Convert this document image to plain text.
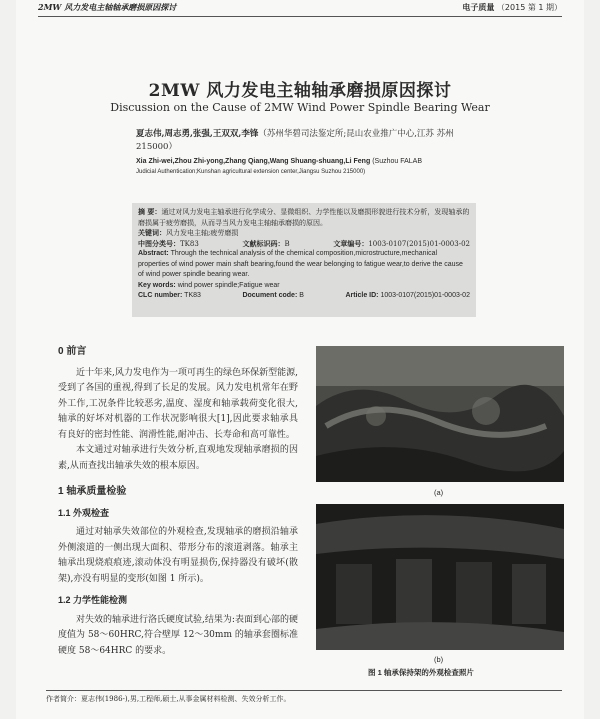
2MW 风力发电主轴轴承磨损原因探讨	电子质量 （2015 第 1 期）
2MW 风力发电主轴轴承磨损原因探讨
Discussion on the Cause of 2MW Wind Power Spindle Bearing Wear
夏志伟,周志勇,张强,王双双,李锋（苏州华碧司法鉴定所;昆山农业推广中心,江苏 苏州 215000）
Xia Zhi-wei,Zhou Zhi-yong,Zhang Qiang,Wang Shuang-shuang,Li Feng (Suzhou FALAB
Judicial Authentication;Kunshan agricultural extension center,Jiangsu Suzhou 215000)

摘 要：通过对风力发电主轴承进行化学成分、显微组织、力学性能以及磨损形貌进行技术分析，发现轴承的磨损属于疲劳磨损，从而寻当风力发电主轴轴承磨损的原因。

关键词：风力发电主轴;疲劳磨损

中图分类号：TK83	文献标识码：B	文章编号：1003-0107(2015)01-0003-02

Abstract: Through the technical analysis of the chemical composition,microstructure,mechanical properties of wind power main shaft bearing,found the wear belonging to fatigue wear,to derive the cause of wind power spindle bearing wear.

Key words: wind power spindle;Fatigue wear

CLC number: TK83	Document code: B	Article ID: 1003-0107(2015)01-0003-02

0 前言

近十年来,风力发电作为一项可再生的绿色环保新型能源,受到了各国的重视,得到了长足的发展。风力发电机常年在野外工作,工况条件比较恶劣,温度、湿度和轴承载荷变化很大,轴承的好坏对机器的工作状况影响很大[1],因此要求轴承具有良好的密封性能、润滑性能,耐冲击、长寿命和高可靠性。

本文通过对轴承进行失效分析,直观地发现轴承磨损的因素,从而查找出轴承失效的根本原因。

1 轴承质量检验
1.1 外观检查

通过对轴承失效部位的外观检查,发现轴承的磨损沿轴承外侧滚道的一侧出现大面积、带形分布的滚道剥落。轴承主轴承出现烧痕痕迹,滚动体没有明显损伤,保持器没有破坏(散架),亦没有明显的变形(如图 1 所示)。

1.2 力学性能检测

对失效的轴承进行洛氏硬度试验,结果为:表面到心部的硬度值为 58～60HRC,符合壁厚 12～30mm 的轴承套圈标准硬度 58～64HRC 的要求。

(a)
(b)
图 1 轴承保持架的外观检查照片
作者简介：夏志伟(1986-),男,工程师,硕士,从事金属材料检测、失效分析工作。
